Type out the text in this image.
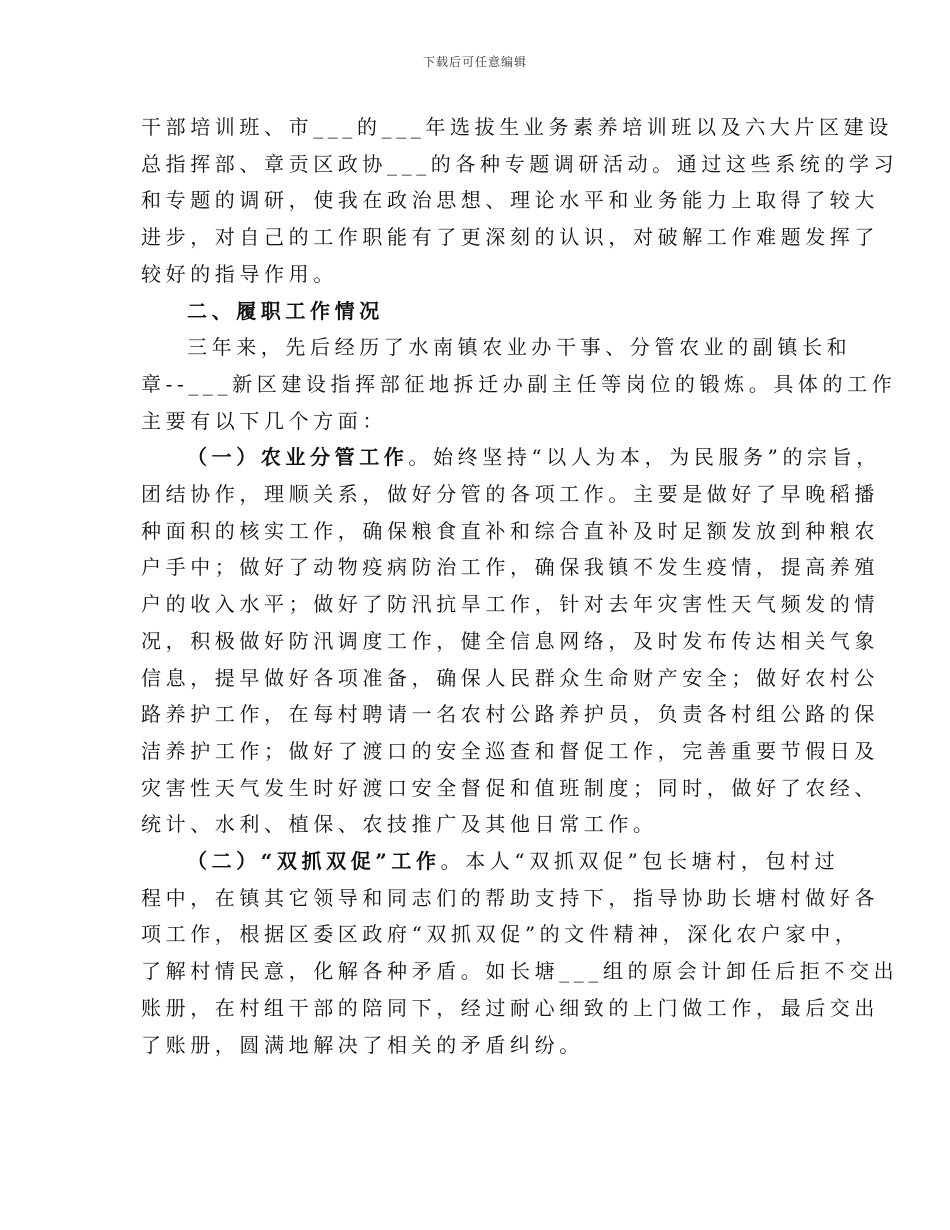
下载后可任意编辑
干部培训班、市___的___年选拔生业务素养培训班以及六大片区建设
总指挥部、章贡区政协___的各种专题调研活动。通过这些系统的学习
和专题的调研，使我在政治思想、理论水平和业务能力上取得了较大
进步，对自己的工作职能有了更深刻的认识，对破解工作难题发挥了
较好的指导作用。
二、履职工作情况
三年来，先后经历了水南镇农业办干事、分管农业的副镇长和
章--___新区建设指挥部征地拆迁办副主任等岗位的锻炼。具体的工作
主要有以下几个方面：
（一）农业分管工作。始终坚持“以人为本，为民服务”的宗旨，
团结协作，理顺关系，做好分管的各项工作。主要是做好了早晚稻播
种面积的核实工作，确保粮食直补和综合直补及时足额发放到种粮农
户手中；做好了动物疫病防治工作，确保我镇不发生疫情，提高养殖
户的收入水平；做好了防汛抗旱工作，针对去年灾害性天气频发的情
况，积极做好防汛调度工作，健全信息网络，及时发布传达相关气象
信息，提早做好各项准备，确保人民群众生命财产安全；做好农村公
路养护工作，在每村聘请一名农村公路养护员，负责各村组公路的保
洁养护工作；做好了渡口的安全巡查和督促工作，完善重要节假日及
灾害性天气发生时好渡口安全督促和值班制度；同时，做好了农经、
统计、水利、植保、农技推广及其他日常工作。
（二）“双抓双促”工作。本人“双抓双促”包长塘村，包村过
程中，在镇其它领导和同志们的帮助支持下，指导协助长塘村做好各
项工作，根据区委区政府“双抓双促”的文件精神，深化农户家中，
了解村情民意，化解各种矛盾。如长塘___组的原会计卸任后拒不交出
账册，在村组干部的陪同下，经过耐心细致的上门做工作，最后交出
了账册，圆满地解决了相关的矛盾纠纷。
